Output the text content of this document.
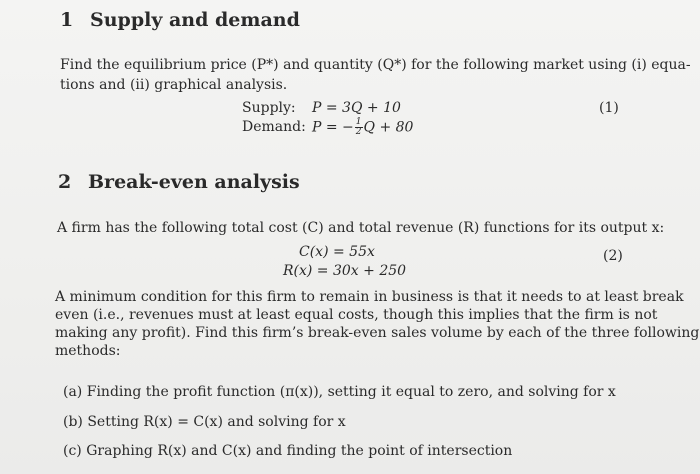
1 Supply and demand
Find the equilibrium price (P*) and quantity (Q*) for the following market using (i) equa-
tions and (ii) graphical analysis.
Supply: P = 3Q + 10
Demand: P = − $\frac{1}{2}$ Q + 80
(1)
2 Break-even analysis
A firm has the following total cost (C) and total revenue (R) functions for its output x:
C(x) = 55x
R(x) = 30x + 250
(2)
A minimum condition for this firm to remain in business is that it needs to at least break
even (i.e., revenues must at least equal costs, though this implies that the firm is not
making any profit). Find this firm’s break-even sales volume by each of the three following
methods:
(a) Finding the profit function (π(x)), setting it equal to zero, and solving for x
(b) Setting R(x) = C(x) and solving for x
(c) Graphing R(x) and C(x) and finding the point of intersection
